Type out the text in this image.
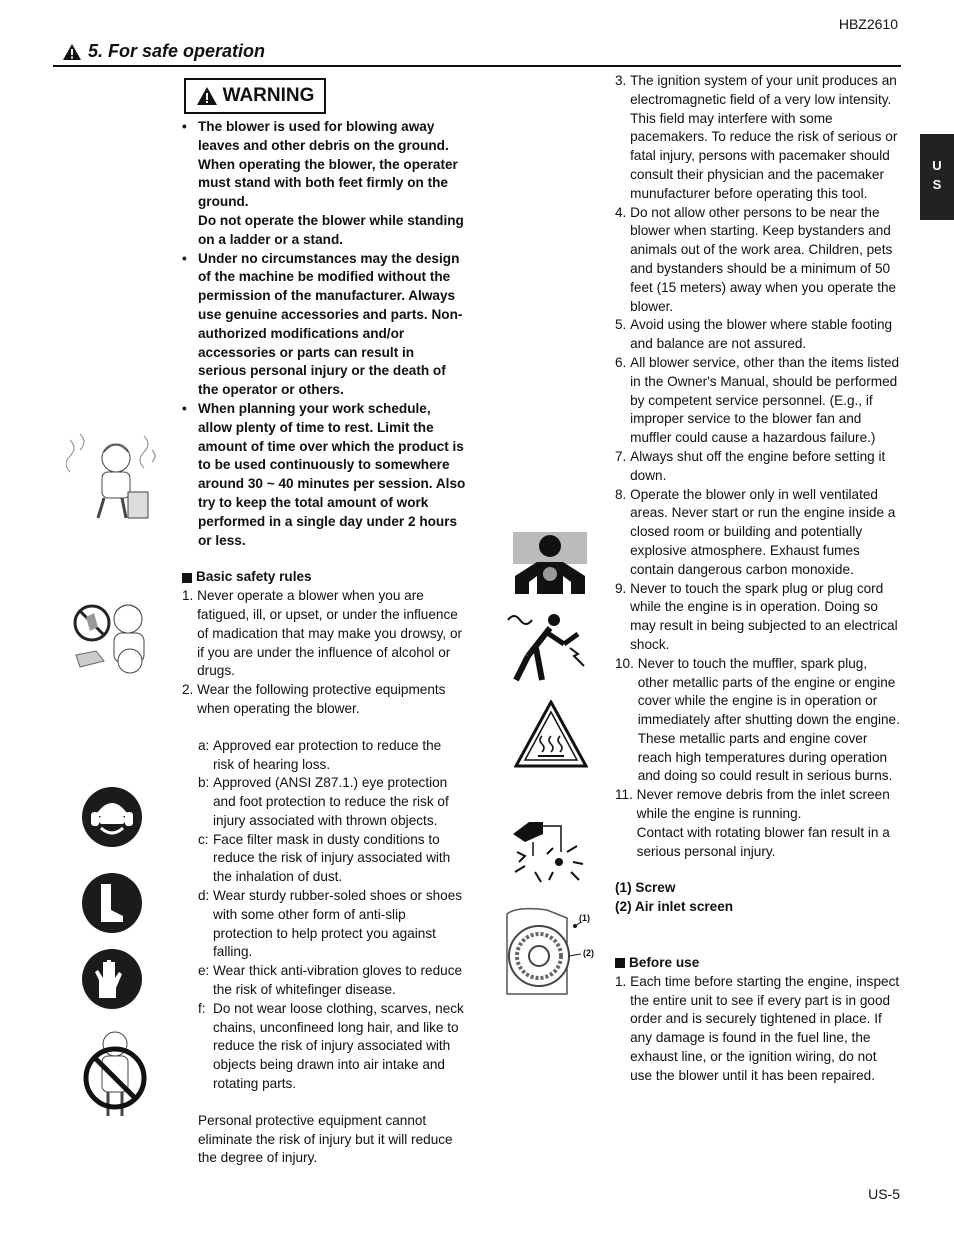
HBZ2610
5. For safe operation
U
S
WARNING
• The blower is used for blowing away leaves and other debris on the ground. When operating the blower, the operater must stand with both feet firmly on the ground.
Do not operate the blower while standing on a ladder or a stand.
• Under no circumstances may the design of the machine be modified without the permission of the manufacturer. Always use genuine accessories and parts. Non-authorized modifications and/or accessories or parts can result in serious personal injury or the death of the operator or others.
• When planning your work schedule, allow plenty of time to rest. Limit the amount of time over which the product is to be used continuously to somewhere around 30 ~ 40 minutes per session. Also try to keep the total amount of work performed in a single day under 2 hours or less.
Basic safety rules
1. Never operate a blower when you are fatigued, ill, or upset, or under the influence of madication that may make you drowsy, or if you are under the influence of alcohol or drugs.
2. Wear the following protective equipments when operating the blower.
a: Approved ear protection to reduce the risk of hearing loss.
b: Approved (ANSI Z87.1.) eye protection and foot protection to reduce the risk of injury associated with thrown objects.
c: Face filter mask in dusty conditions to reduce the risk of injury associated with the inhalation of dust.
d: Wear sturdy rubber-soled shoes or shoes with some other form of anti-slip protection to help protect you against falling.
e: Wear thick anti-vibration gloves to reduce the risk of whitefinger disease.
f: Do not wear loose clothing, scarves, neck chains, unconfineed long hair, and like to reduce the risk of injury associated with objects being drawn into air intake and rotating parts.
Personal protective equipment cannot eliminate the risk of injury but it will reduce the degree of injury.
(1)
(2)
3. The ignition system of your unit produces an electromagnetic field of a very low intensity. This field may interfere with some pacemakers. To reduce the risk of serious or fatal injury, persons with pacemaker should consult their physician and the pacemaker munufacturer before operating this tool.
4. Do not allow other persons to be near the blower when starting. Keep bystanders and animals out of the work area. Children, pets and bystanders should be a minimum of 50 feet (15 meters) away when you operate the blower.
5. Avoid using the blower where stable footing and balance are not assured.
6. All blower service, other than the items listed in the Owner's Manual, should be performed by competent service personnel. (E.g., if improper service to the blower fan and muffler could cause a hazardous failure.)
7. Always shut off the engine before setting it down.
8. Operate the blower only in well ventilated areas. Never start or run the engine inside a closed room or building and potentially explosive atmosphere. Exhaust fumes contain dangerous carbon monoxide.
9. Never to touch the spark plug or plug cord while the engine is in operation. Doing so may result in being subjected to an electrical shock.
10. Never to touch the muffler, spark plug, other metallic parts of the engine or engine cover while the engine is in operation or immediately after shutting down the engine. These metallic parts and engine cover reach high temperatures during operation and doing so could result in serious burns.
11. Never remove debris from the inlet screen while the engine is running.
Contact with rotating blower fan result in a serious personal injury.
(1) Screw
(2) Air inlet screen
Before use
1. Each time before starting the engine, inspect the entire unit to see if every part is in good order and is securely tightened in place. If any damage is found in the fuel line, the exhaust line, or the ignition wiring, do not use the blower until it has been repaired.
US-5
